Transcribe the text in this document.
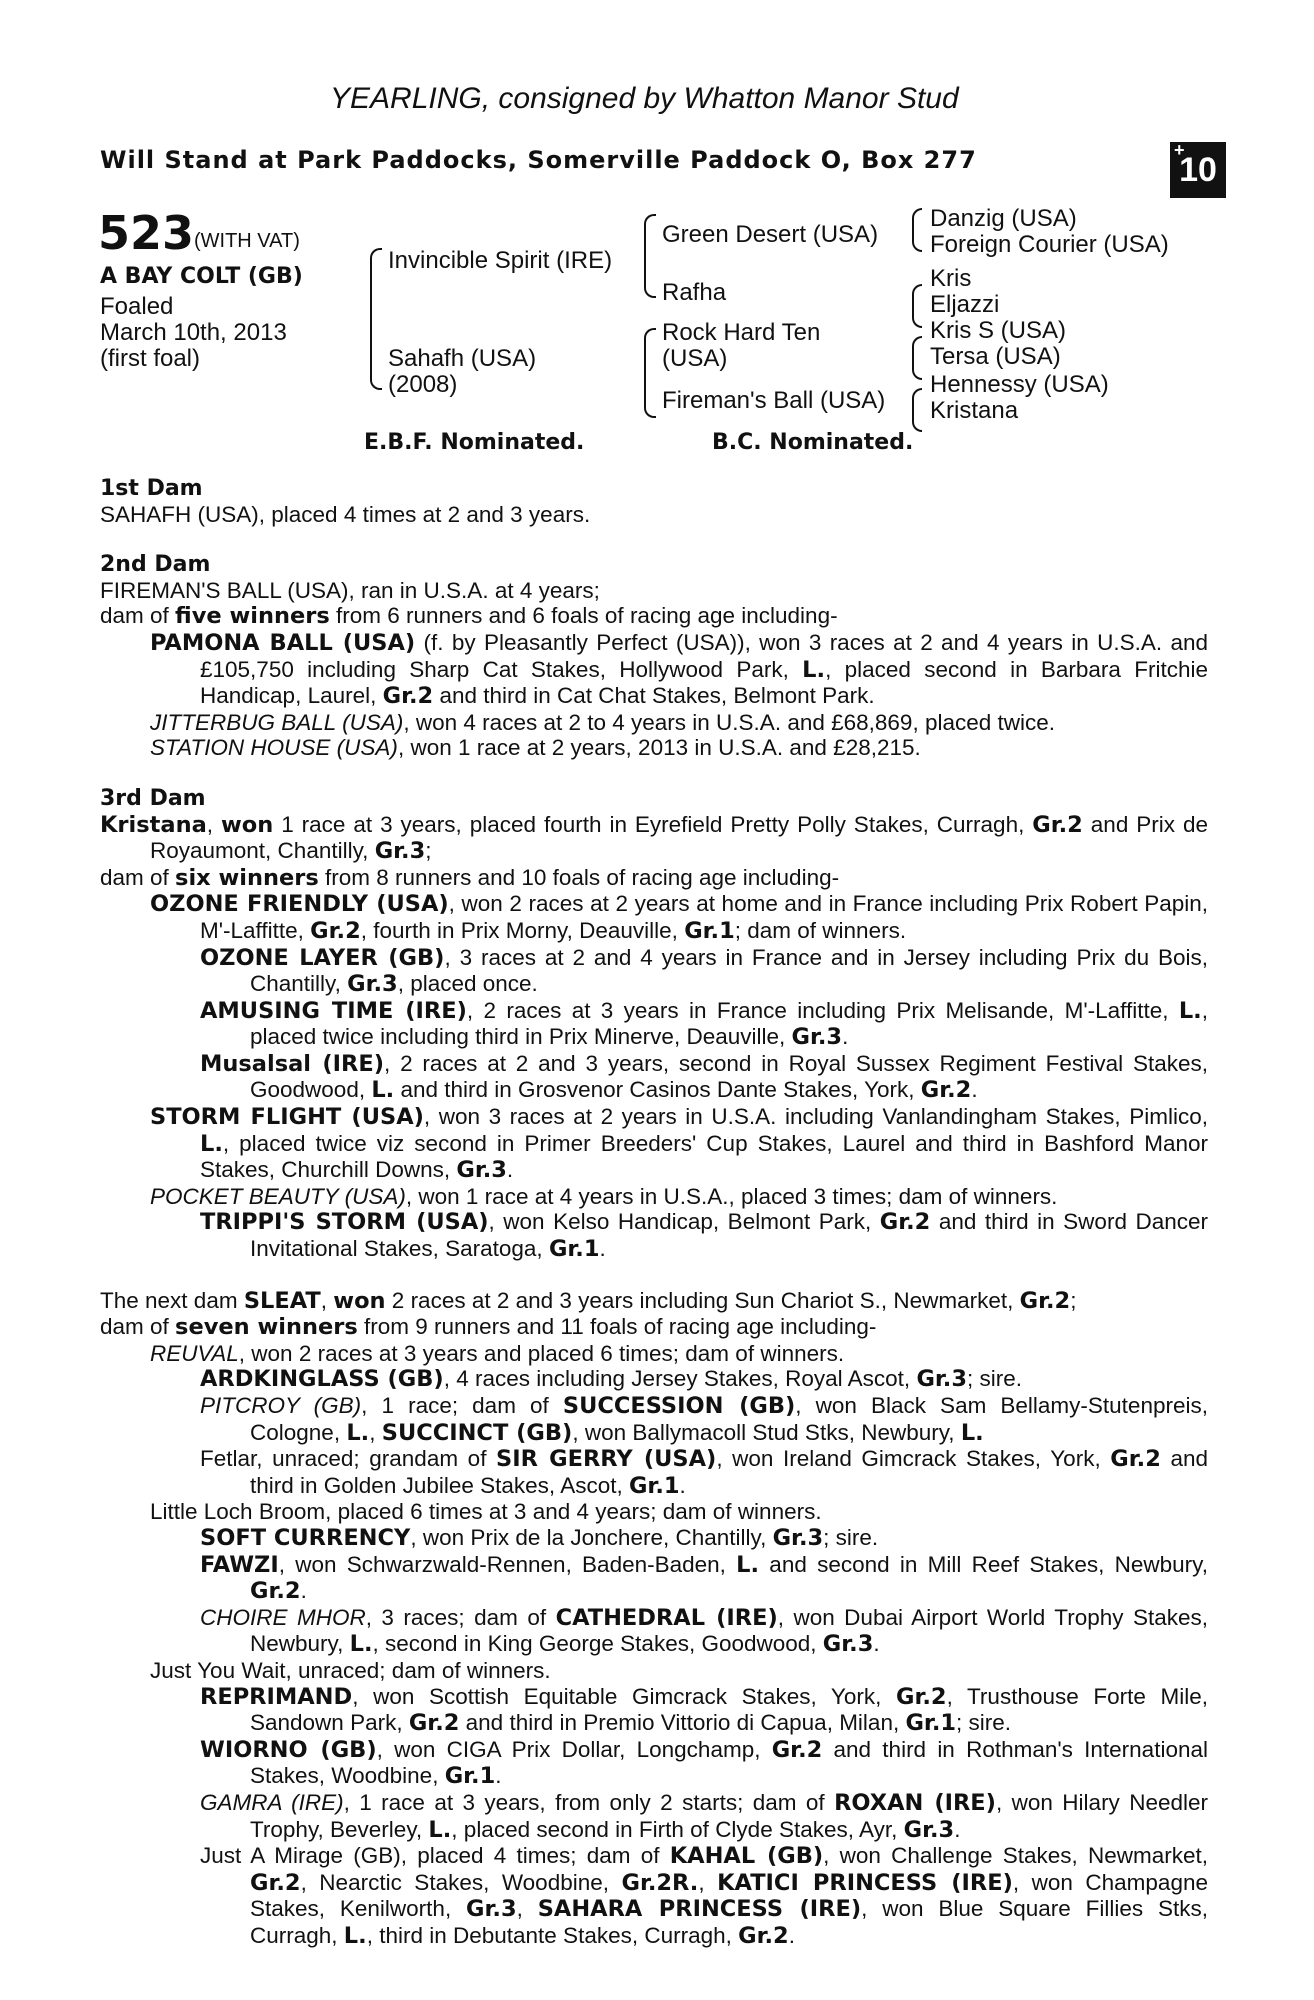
YEARLING, consigned by Whatton Manor Stud
Will Stand at Park Paddocks, Somerville Paddock O, Box 277	+
10
523 (WITH VAT)
A BAY COLT (GB)
Foaled
March 10th, 2013
(first foal)
Invincible Spirit (IRE)
Sahafh (USA)
(2008)
Green Desert (USA)
Rafha
Rock Hard Ten
(USA)
Fireman's Ball (USA)
Danzig (USA)
Foreign Courier (USA)
Kris
Eljazzi
Kris S (USA)
Tersa (USA)
Hennessy (USA)
Kristana
E.B.F. Nominated.	B.C. Nominated.

1st Dam

SAHAFH (USA), placed 4 times at 2 and 3 years.

2nd Dam

FIREMAN'S BALL (USA), ran in U.S.A. at 4 years;

dam of five winners from 6 runners and 6 foals of racing age including-

PAMONA BALL (USA) (f. by Pleasantly Perfect (USA)), won 3 races at 2 and 4 years in U.S.A. and £105,750 including Sharp Cat Stakes, Hollywood Park, L., placed second in Barbara Fritchie Handicap, Laurel, Gr.2 and third in Cat Chat Stakes, Belmont Park.

JITTERBUG BALL (USA), won 4 races at 2 to 4 years in U.S.A. and £68,869, placed twice.

STATION HOUSE (USA), won 1 race at 2 years, 2013 in U.S.A. and £28,215.

3rd Dam

Kristana, won 1 race at 3 years, placed fourth in Eyrefield Pretty Polly Stakes, Curragh, Gr.2 and Prix de Royaumont, Chantilly, Gr.3;

dam of six winners from 8 runners and 10 foals of racing age including-

OZONE FRIENDLY (USA), won 2 races at 2 years at home and in France including Prix Robert Papin, M'-Laffitte, Gr.2, fourth in Prix Morny, Deauville, Gr.1; dam of winners.

OZONE LAYER (GB), 3 races at 2 and 4 years in France and in Jersey including Prix du Bois, Chantilly, Gr.3, placed once.

AMUSING TIME (IRE), 2 races at 3 years in France including Prix Melisande, M'-Laffitte, L., placed twice including third in Prix Minerve, Deauville, Gr.3.

Musalsal (IRE), 2 races at 2 and 3 years, second in Royal Sussex Regiment Festival Stakes, Goodwood, L. and third in Grosvenor Casinos Dante Stakes, York, Gr.2.

STORM FLIGHT (USA), won 3 races at 2 years in U.S.A. including Vanlandingham Stakes, Pimlico, L., placed twice viz second in Primer Breeders' Cup Stakes, Laurel and third in Bashford Manor Stakes, Churchill Downs, Gr.3.

POCKET BEAUTY (USA), won 1 race at 4 years in U.S.A., placed 3 times; dam of winners.

TRIPPI'S STORM (USA), won Kelso Handicap, Belmont Park, Gr.2 and third in Sword Dancer Invitational Stakes, Saratoga, Gr.1.

The next dam SLEAT, won 2 races at 2 and 3 years including Sun Chariot S., Newmarket, Gr.2;

dam of seven winners from 9 runners and 11 foals of racing age including-

REUVAL, won 2 races at 3 years and placed 6 times; dam of winners.

ARDKINGLASS (GB), 4 races including Jersey Stakes, Royal Ascot, Gr.3; sire.

PITCROY (GB), 1 race; dam of SUCCESSION (GB), won Black Sam Bellamy-Stutenpreis, Cologne, L., SUCCINCT (GB), won Ballymacoll Stud Stks, Newbury, L.

Fetlar, unraced; grandam of SIR GERRY (USA), won Ireland Gimcrack Stakes, York, Gr.2 and third in Golden Jubilee Stakes, Ascot, Gr.1.

Little Loch Broom, placed 6 times at 3 and 4 years; dam of winners.

SOFT CURRENCY, won Prix de la Jonchere, Chantilly, Gr.3; sire.

FAWZI, won Schwarzwald-Rennen, Baden-Baden, L. and second in Mill Reef Stakes, Newbury, Gr.2.

CHOIRE MHOR, 3 races; dam of CATHEDRAL (IRE), won Dubai Airport World Trophy Stakes, Newbury, L., second in King George Stakes, Goodwood, Gr.3.

Just You Wait, unraced; dam of winners.

REPRIMAND, won Scottish Equitable Gimcrack Stakes, York, Gr.2, Trusthouse Forte Mile, Sandown Park, Gr.2 and third in Premio Vittorio di Capua, Milan, Gr.1; sire.

WIORNO (GB), won CIGA Prix Dollar, Longchamp, Gr.2 and third in Rothman's International Stakes, Woodbine, Gr.1.

GAMRA (IRE), 1 race at 3 years, from only 2 starts; dam of ROXAN (IRE), won Hilary Needler Trophy, Beverley, L., placed second in Firth of Clyde Stakes, Ayr, Gr.3.

Just A Mirage (GB), placed 4 times; dam of KAHAL (GB), won Challenge Stakes, Newmarket, Gr.2, Nearctic Stakes, Woodbine, Gr.2R., KATICI PRINCESS (IRE), won Champagne Stakes, Kenilworth, Gr.3, SAHARA PRINCESS (IRE), won Blue Square Fillies Stks, Curragh, L., third in Debutante Stakes, Curragh, Gr.2.
